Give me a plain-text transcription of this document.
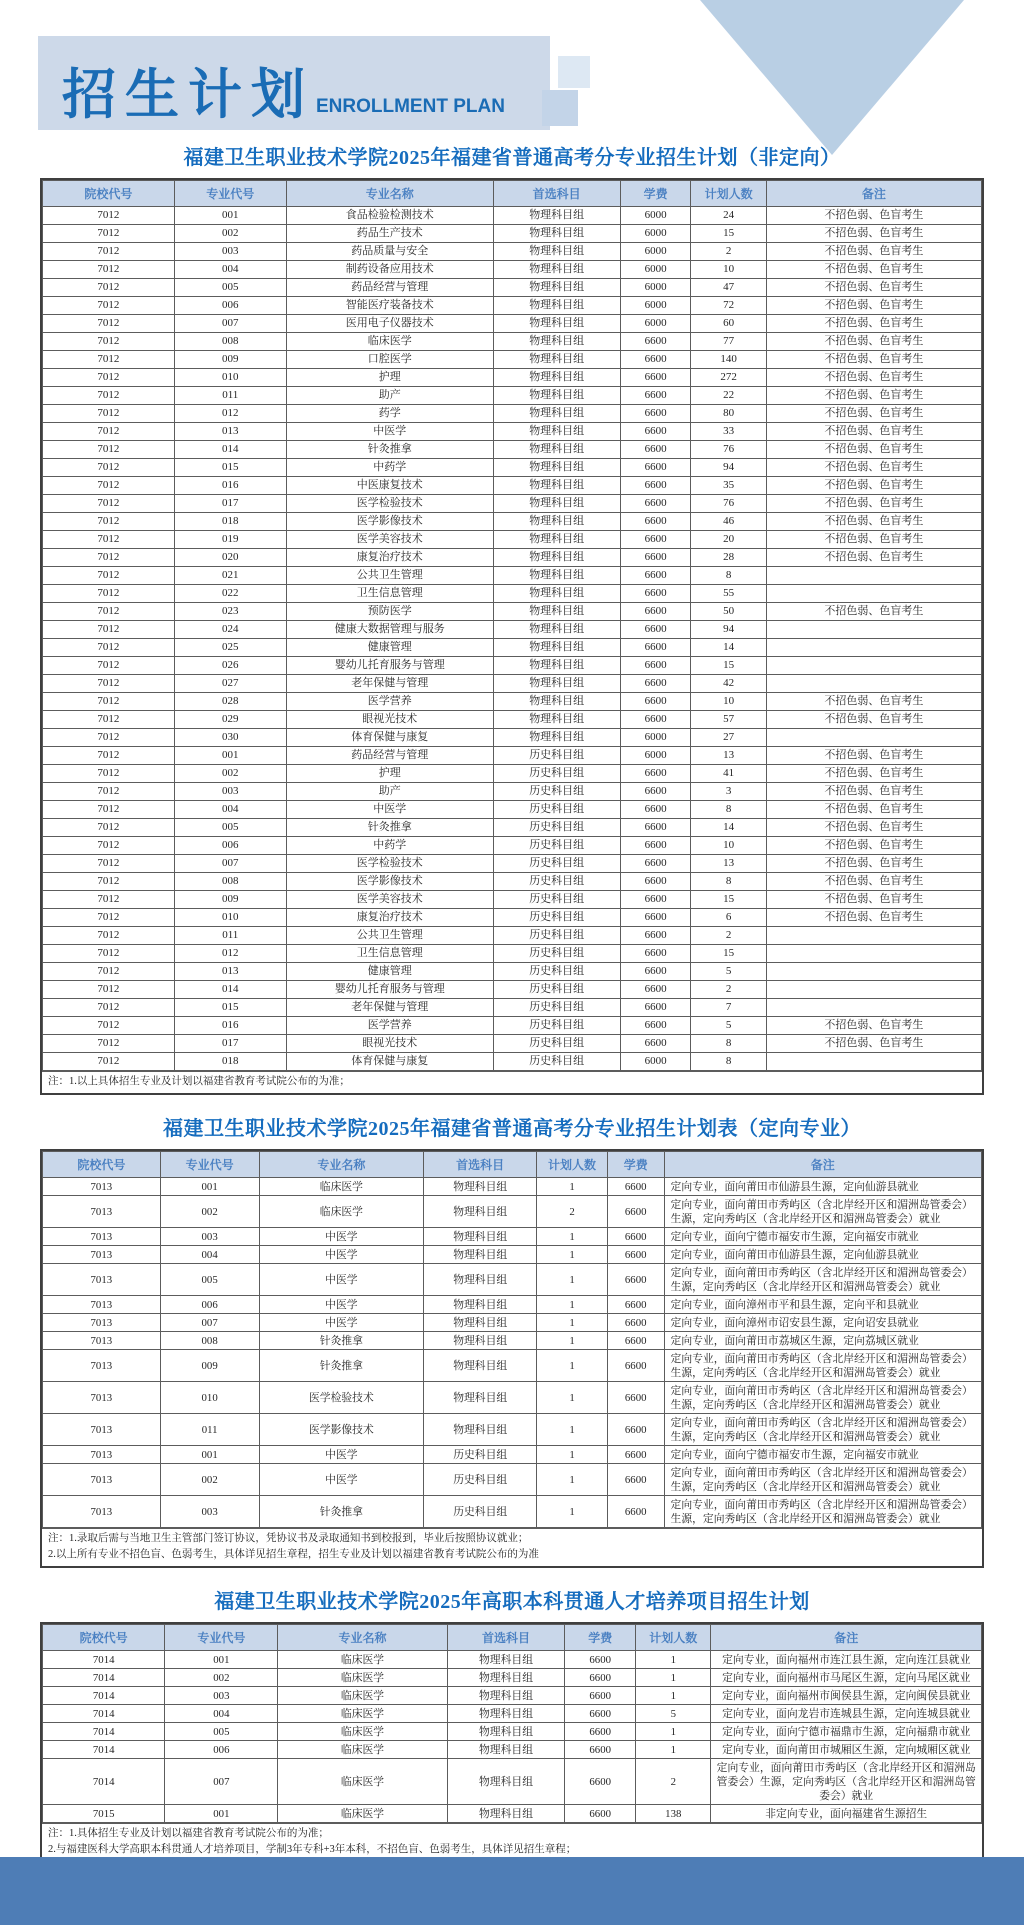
招生计划 ENROLLMENT PLAN
福建卫生职业技术学院2025年福建省普通高考分专业招生计划（非定向）
院校代号	专业代号	专业名称	首选科目	学费	计划人数	备注
7012	001	食品检验检测技术	物理科目组	6000	24	不招色弱、色盲考生
7012	002	药品生产技术	物理科目组	6000	15	不招色弱、色盲考生
7012	003	药品质量与安全	物理科目组	6000	2	不招色弱、色盲考生
7012	004	制药设备应用技术	物理科目组	6000	10	不招色弱、色盲考生
7012	005	药品经营与管理	物理科目组	6000	47	不招色弱、色盲考生
7012	006	智能医疗装备技术	物理科目组	6000	72	不招色弱、色盲考生
7012	007	医用电子仪器技术	物理科目组	6000	60	不招色弱、色盲考生
7012	008	临床医学	物理科目组	6600	77	不招色弱、色盲考生
7012	009	口腔医学	物理科目组	6600	140	不招色弱、色盲考生
7012	010	护理	物理科目组	6600	272	不招色弱、色盲考生
7012	011	助产	物理科目组	6600	22	不招色弱、色盲考生
7012	012	药学	物理科目组	6600	80	不招色弱、色盲考生
7012	013	中医学	物理科目组	6600	33	不招色弱、色盲考生
7012	014	针灸推拿	物理科目组	6600	76	不招色弱、色盲考生
7012	015	中药学	物理科目组	6600	94	不招色弱、色盲考生
7012	016	中医康复技术	物理科目组	6600	35	不招色弱、色盲考生
7012	017	医学检验技术	物理科目组	6600	76	不招色弱、色盲考生
7012	018	医学影像技术	物理科目组	6600	46	不招色弱、色盲考生
7012	019	医学美容技术	物理科目组	6600	20	不招色弱、色盲考生
7012	020	康复治疗技术	物理科目组	6600	28	不招色弱、色盲考生
7012	021	公共卫生管理	物理科目组	6600	8	
7012	022	卫生信息管理	物理科目组	6600	55	
7012	023	预防医学	物理科目组	6600	50	不招色弱、色盲考生
7012	024	健康大数据管理与服务	物理科目组	6600	94	
7012	025	健康管理	物理科目组	6600	14	
7012	026	婴幼儿托育服务与管理	物理科目组	6600	15	
7012	027	老年保健与管理	物理科目组	6600	42	
7012	028	医学营养	物理科目组	6600	10	不招色弱、色盲考生
7012	029	眼视光技术	物理科目组	6600	57	不招色弱、色盲考生
7012	030	体育保健与康复	物理科目组	6000	27	
7012	001	药品经营与管理	历史科目组	6000	13	不招色弱、色盲考生
7012	002	护理	历史科目组	6600	41	不招色弱、色盲考生
7012	003	助产	历史科目组	6600	3	不招色弱、色盲考生
7012	004	中医学	历史科目组	6600	8	不招色弱、色盲考生
7012	005	针灸推拿	历史科目组	6600	14	不招色弱、色盲考生
7012	006	中药学	历史科目组	6600	10	不招色弱、色盲考生
7012	007	医学检验技术	历史科目组	6600	13	不招色弱、色盲考生
7012	008	医学影像技术	历史科目组	6600	8	不招色弱、色盲考生
7012	009	医学美容技术	历史科目组	6600	15	不招色弱、色盲考生
7012	010	康复治疗技术	历史科目组	6600	6	不招色弱、色盲考生
7012	011	公共卫生管理	历史科目组	6600	2	
7012	012	卫生信息管理	历史科目组	6600	15	
7012	013	健康管理	历史科目组	6600	5	
7012	014	婴幼儿托育服务与管理	历史科目组	6600	2	
7012	015	老年保健与管理	历史科目组	6600	7	
7012	016	医学营养	历史科目组	6600	5	不招色弱、色盲考生
7012	017	眼视光技术	历史科目组	6600	8	不招色弱、色盲考生
7012	018	体育保健与康复	历史科目组	6000	8	
注：1.以上具体招生专业及计划以福建省教育考试院公布的为准；
福建卫生职业技术学院2025年福建省普通高考分专业招生计划表（定向专业）
院校代号	专业代号	专业名称	首选科目	计划人数	学费	备注
7013	001	临床医学	物理科目组	1	6600	定向专业，面向莆田市仙游县生源，定向仙游县就业
7013	002	临床医学	物理科目组	2	6600	定向专业，面向莆田市秀屿区（含北岸经开区和湄洲岛管委会）生源，定向秀屿区（含北岸经开区和湄洲岛管委会）就业
7013	003	中医学	物理科目组	1	6600	定向专业，面向宁德市福安市生源，定向福安市就业
7013	004	中医学	物理科目组	1	6600	定向专业，面向莆田市仙游县生源，定向仙游县就业
7013	005	中医学	物理科目组	1	6600	定向专业，面向莆田市秀屿区（含北岸经开区和湄洲岛管委会）生源，定向秀屿区（含北岸经开区和湄洲岛管委会）就业
7013	006	中医学	物理科目组	1	6600	定向专业，面向漳州市平和县生源，定向平和县就业
7013	007	中医学	物理科目组	1	6600	定向专业，面向漳州市诏安县生源，定向诏安县就业
7013	008	针灸推拿	物理科目组	1	6600	定向专业，面向莆田市荔城区生源，定向荔城区就业
7013	009	针灸推拿	物理科目组	1	6600	定向专业，面向莆田市秀屿区（含北岸经开区和湄洲岛管委会）生源，定向秀屿区（含北岸经开区和湄洲岛管委会）就业
7013	010	医学检验技术	物理科目组	1	6600	定向专业，面向莆田市秀屿区（含北岸经开区和湄洲岛管委会）生源，定向秀屿区（含北岸经开区和湄洲岛管委会）就业
7013	011	医学影像技术	物理科目组	1	6600	定向专业，面向莆田市秀屿区（含北岸经开区和湄洲岛管委会）生源，定向秀屿区（含北岸经开区和湄洲岛管委会）就业
7013	001	中医学	历史科目组	1	6600	定向专业，面向宁德市福安市生源，定向福安市就业
7013	002	中医学	历史科目组	1	6600	定向专业，面向莆田市秀屿区（含北岸经开区和湄洲岛管委会）生源，定向秀屿区（含北岸经开区和湄洲岛管委会）就业
7013	003	针灸推拿	历史科目组	1	6600	定向专业，面向莆田市秀屿区（含北岸经开区和湄洲岛管委会）生源，定向秀屿区（含北岸经开区和湄洲岛管委会）就业
注：1.录取后需与当地卫生主管部门签订协议，凭协议书及录取通知书到校报到，毕业后按照协议就业；
2.以上所有专业不招色盲、色弱考生，具体详见招生章程，招生专业及计划以福建省教育考试院公布的为准
福建卫生职业技术学院2025年高职本科贯通人才培养项目招生计划
院校代号	专业代号	专业名称	首选科目	学费	计划人数	备注
7014	001	临床医学	物理科目组	6600	1	定向专业，面向福州市连江县生源，定向连江县就业
7014	002	临床医学	物理科目组	6600	1	定向专业，面向福州市马尾区生源，定向马尾区就业
7014	003	临床医学	物理科目组	6600	1	定向专业，面向福州市闽侯县生源，定向闽侯县就业
7014	004	临床医学	物理科目组	6600	5	定向专业，面向龙岩市连城县生源，定向连城县就业
7014	005	临床医学	物理科目组	6600	1	定向专业，面向宁德市福鼎市生源，定向福鼎市就业
7014	006	临床医学	物理科目组	6600	1	定向专业，面向莆田市城厢区生源，定向城厢区就业
7014	007	临床医学	物理科目组	6600	2	定向专业，面向莆田市秀屿区（含北岸经开区和湄洲岛管委会）生源，定向秀屿区（含北岸经开区和湄洲岛管委会）就业
7015	001	临床医学	物理科目组	6600	138	非定向专业，面向福建省生源招生
注：1.具体招生专业及计划以福建省教育考试院公布的为准；
2.与福建医科大学高职本科贯通人才培养项目，学制3年专科+3年本科，不招色盲、色弱考生，具体详见招生章程；
